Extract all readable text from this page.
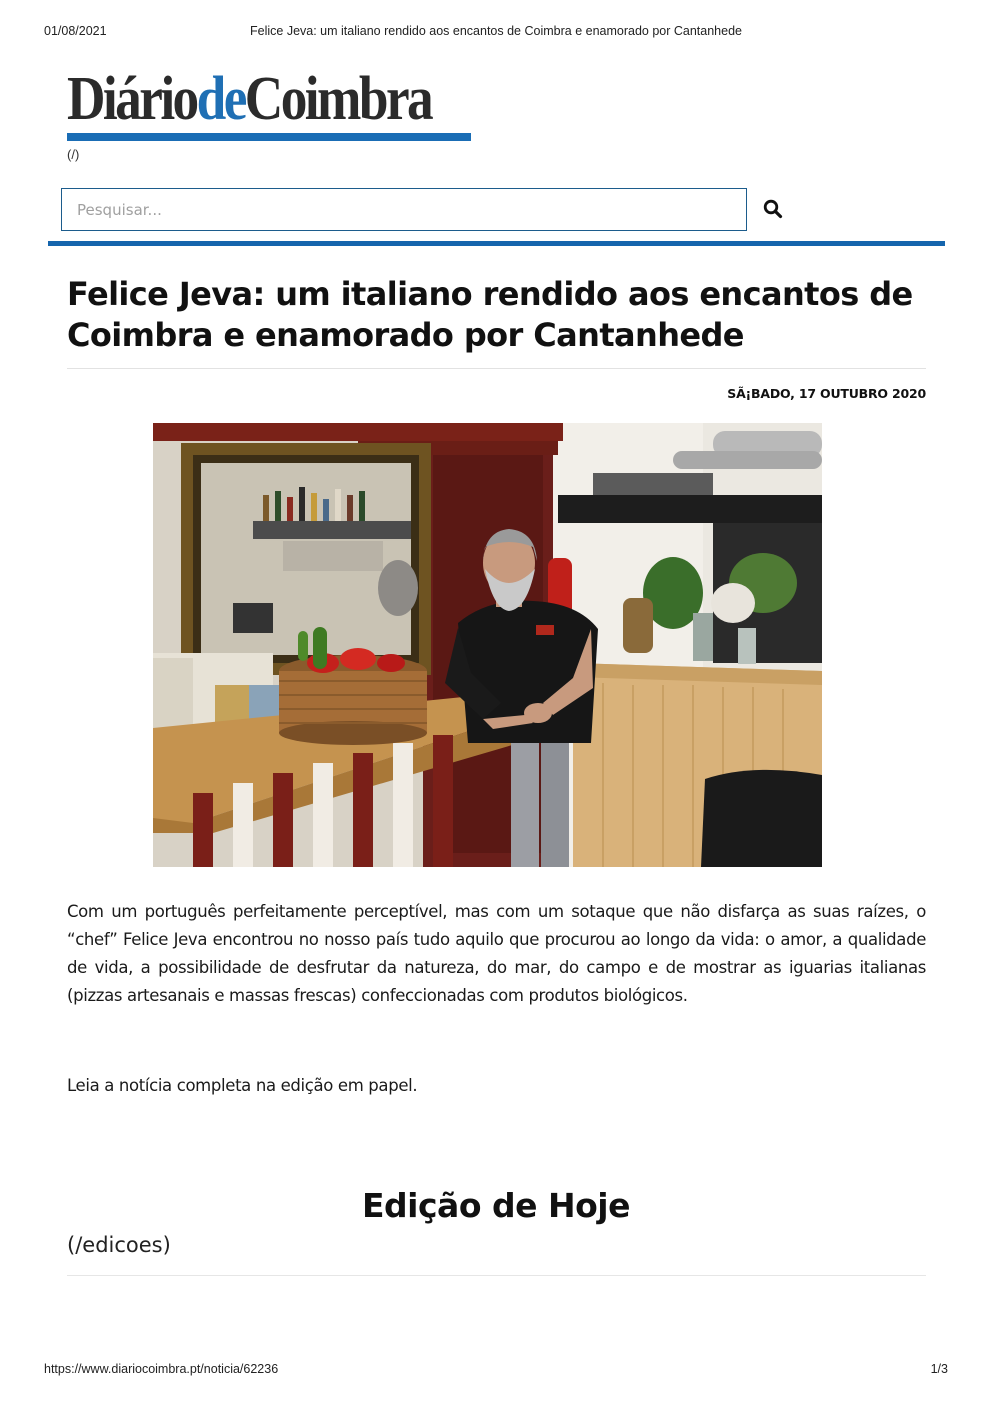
01/08/2021	Felice Jeva: um italiano rendido aos encantos de Coimbra e enamorado por Cantanhede
DiáriodeCoimbra
(/)
Pesquisar...
Felice Jeva: um italiano rendido aos encantos de Coimbra e enamorado por Cantanhede
SÃ¡BADO, 17 OUTUBRO 2020

Com um português perfeitamente perceptível, mas com um sotaque que não disfarça as suas raízes, o “chef” Felice Jeva encontrou no nosso país tudo aquilo que procurou ao longo da vida: o amor, a qualidade de vida, a possibilidade de desfrutar da natureza, do mar, do campo e de mostrar as iguarias italianas (pizzas artesanais e massas frescas) confeccionadas com produtos biológicos.

Leia a notícia completa na edição em papel.

Edição de Hoje
(/edicoes)
https://www.diariocoimbra.pt/noticia/62236	1/3
